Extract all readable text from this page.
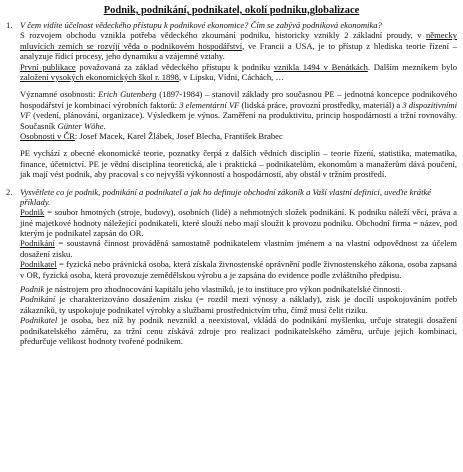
Podnik, podnikání, podnikatel, okolí podniku,globalizace
1. V čem vidíte účelnost vědeckého přístupu k podnikové ekonomice? Čím se zabývá podniková ekonomika?

S rozvojem obchodu vznikla potřeba vědeckého zkoumání podniku, historicky vznikly 2 základní proudy, v německy mluvících zemích se rozvíjí věda o podnikovém hospodářství, ve Francii a USA, je to přístup z hlediska teorie řízení – analyzuje řídicí procesy, jeho dynamiku a vzájemné vztahy.

První publikace považovaná za základ vědeckého přístupu k podniku vznikla 1494 v Benátkách. Dalším mezníkem bylo založení vysokých ekonomických škol r. 1898, v Lipsku, Vídni, Cáchách, …

Významné osobnosti: Erich Gutenberg (1897-1984) – stanovil základy pro současnou PE – jednotná koncepce podnikového hospodářství je kombinací výrobních faktorů: 3 elementární VF (lidská práce, provozní prostředky, materiál) a 3 dispozitivními VF (vedení, plánování, organizace). Výsledkem je výnos. Zaměření na produktivitu, princip hospodárnosti a tržní rovnováhy. Současník Günter Wöhe.

Osobnosti v ČR: Josef Macek, Karel Žlábek, Josef Blecha, František Brabec

PE vychází z obecné ekonomické teorie, poznatky čerpá z dalších vědních disciplín – teorie řízení, statistika, matematika, finance, účetnictví. PE je vědní disciplína teoretická, ale i praktická – podnikatelům, ekonomům a manažerům dává poučení, jak mají vést podnik, aby pracoval s co nejvyšší výkonností a hospodárností, aby obstál v tržním prostředí.

2. Vysvětlete co je podnik, podnikání a podnikatel a jak ho definuje obchodní zákoník a Vaší vlastní definici, uveďte krátké příklady.

Podnik = soubor hmotných (stroje, budovy), osobních (lidé) a nehmotných složek podnikání. K podniku náleží věci, práva a jiné majetkové hodnoty náležející podnikateli, které slouží nebo mají sloužit k provozu podniku. Obchodní firma = název, pod kterým je podnikatel zapsán do OR.

Podnikání = soustavná činnost prováděná samostatně podnikatelem vlastním jménem a na vlastní odpovědnost za účelem dosažení zisku.

Podnikatel = fyzická nebo právnická osoba, která získala živnostenské oprávnění podle živnostenského zákona, osoba zapsaná v OR, fyzická osoba, která provozuje zemědělskou výrobu a je zapsána do evidence podle zvláštního předpisu.

Podnik je nástrojem pro zhodnocování kapitálu jeho vlastníků, je to instituce pro výkon podnikatelské činnosti.

Podnikání je charakterizováno dosažením zisku (= rozdíl mezi výnosy a náklady), zisk je docílí uspokojováním potřeb zákazníků, ty uspokojuje podnikatel výrobky a službami prostřednictvím trhu, čímž musí čelit riziku.

Podnikatel je osoba, bez níž by podnik nevznikl a neexistoval, vkládá do podnikání myšlenku, určuje strategii dosažení podnikatelského záměru, za tržní cenu získává zdroje pro realizaci podnikatelského záměru, určuje jejich kombinaci, předurčuje velikost hodnoty tvořené podnikem.
